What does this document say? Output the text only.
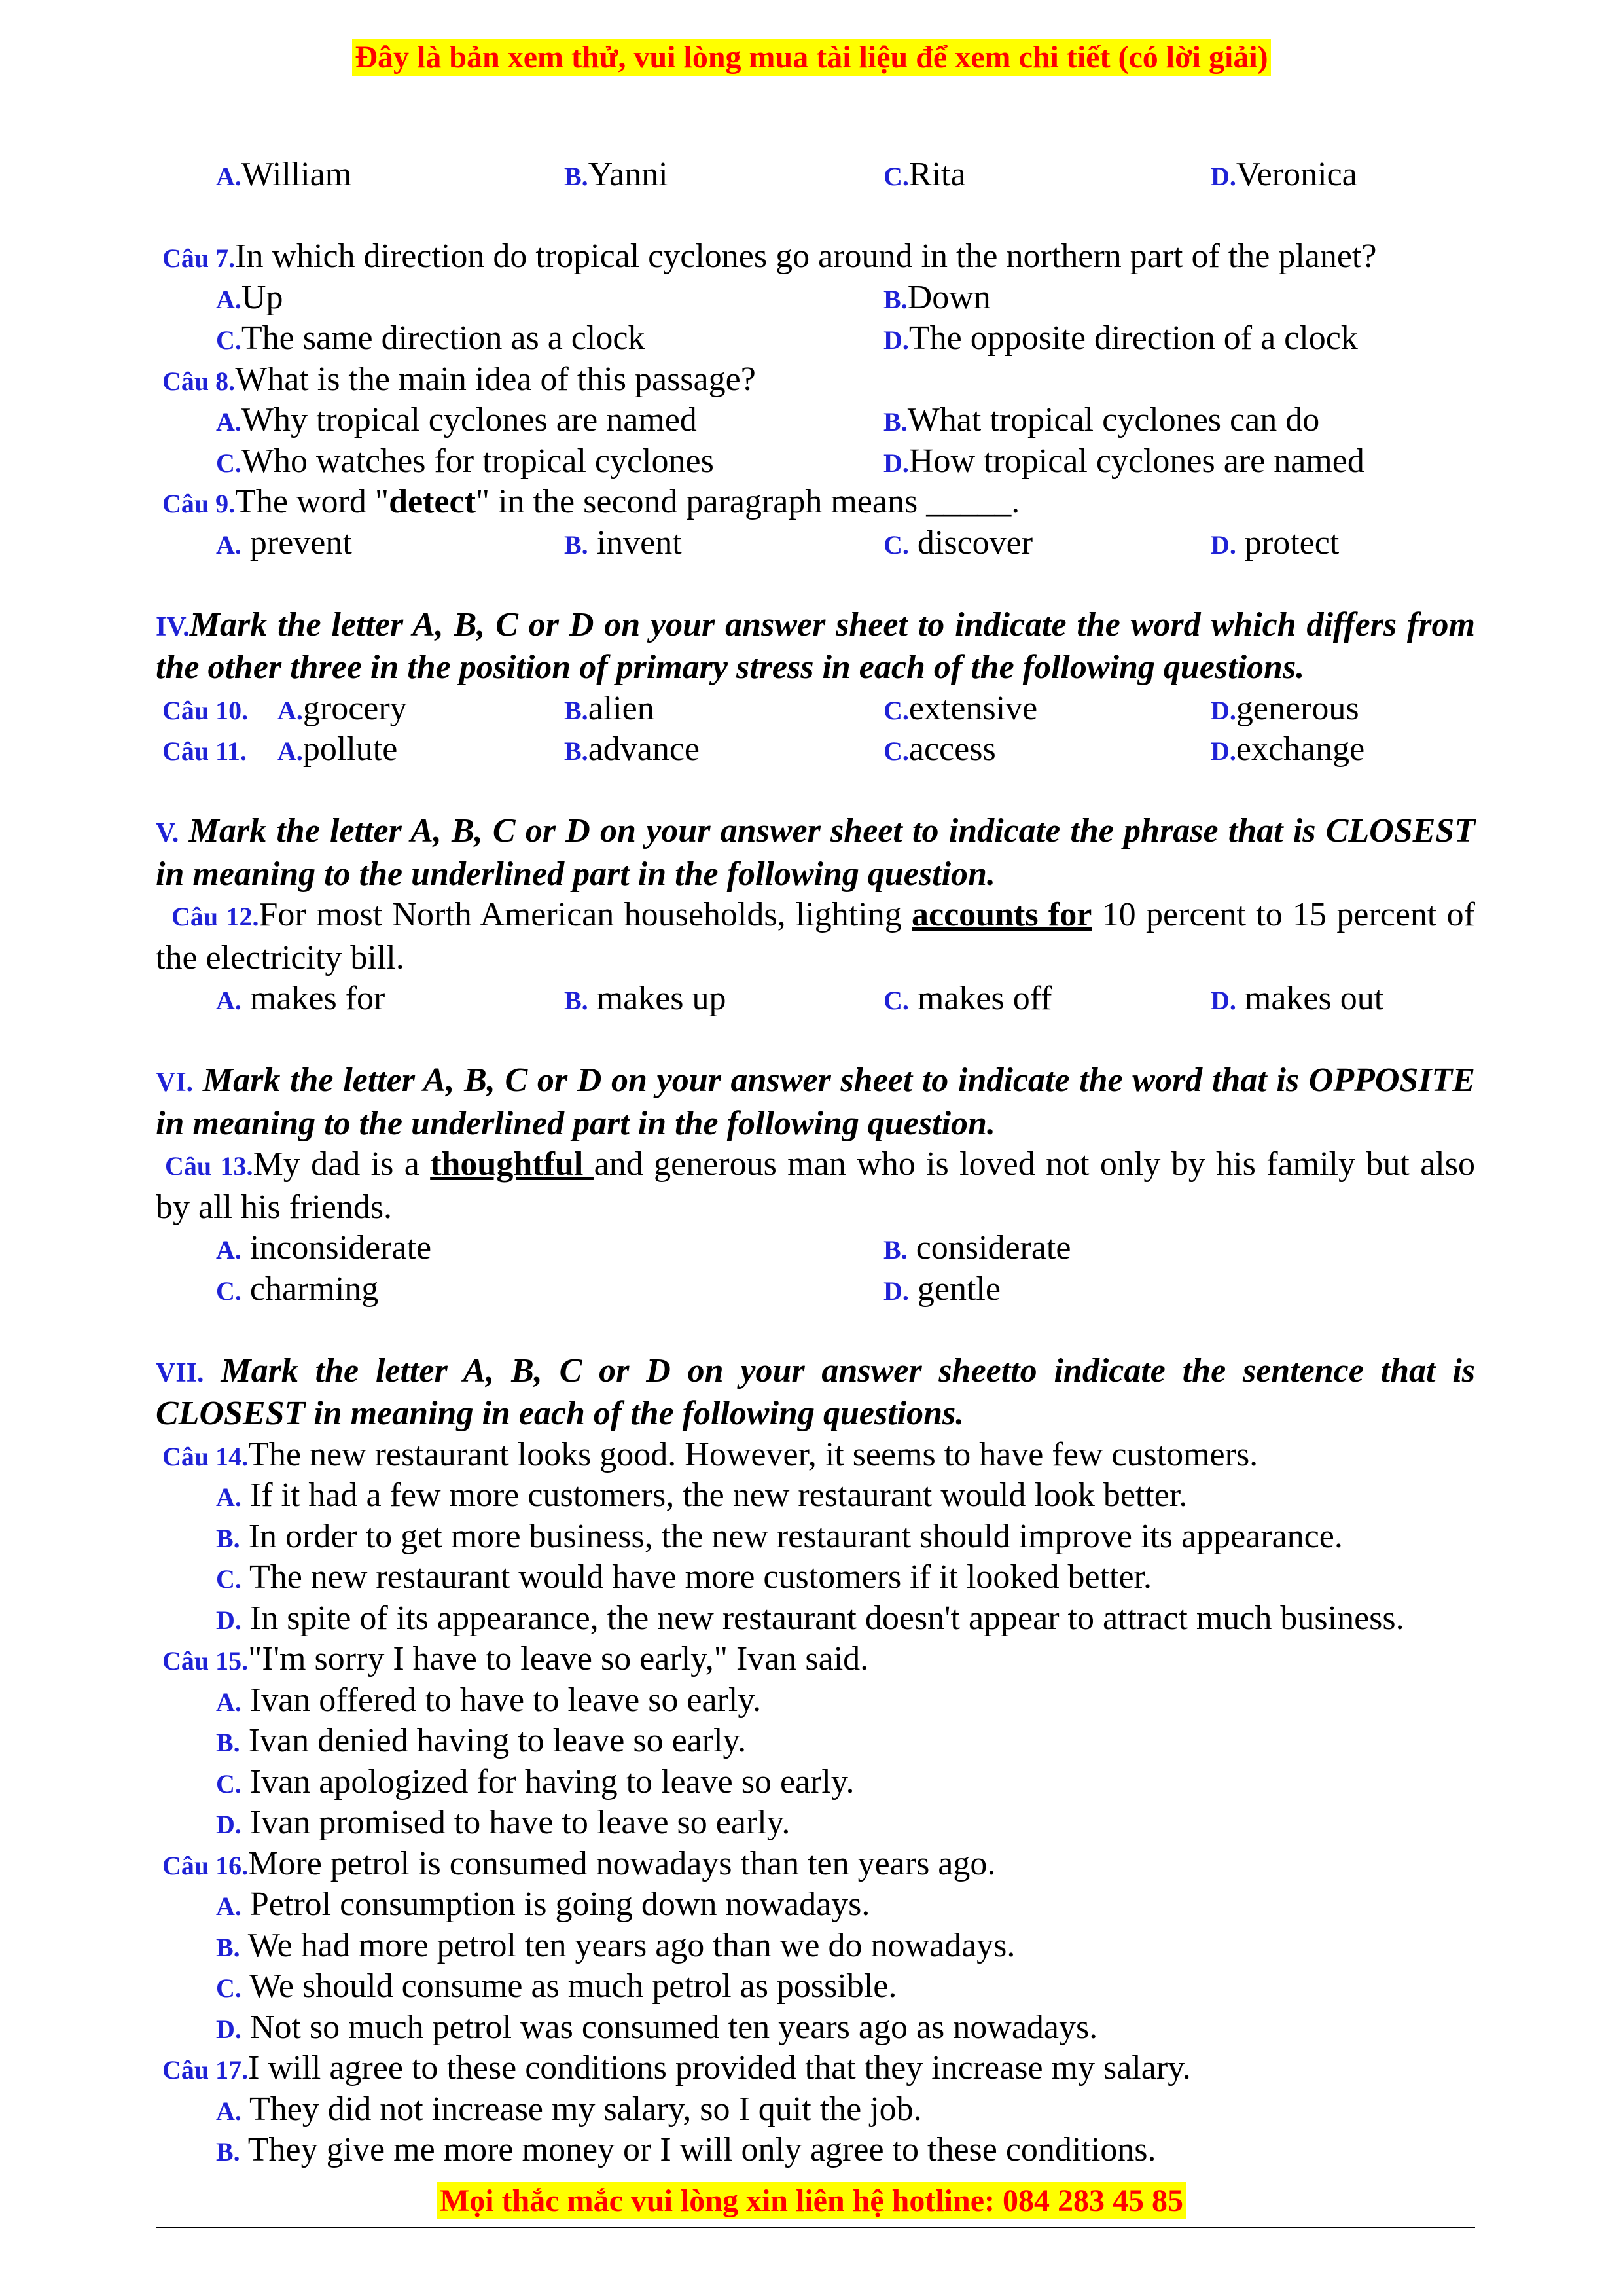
Đây là bản xem thử, vui lòng mua tài liệu để xem chi tiết (có lời giải)
A.William	B.Yanni	C.Rita	D.Veronica
Câu 7.In which direction do tropical cyclones go around in the northern part of the planet?
A.Up	B.Down
C.The same direction as a clock	D.The opposite direction of a clock
Câu 8.What is the main idea of this passage?
A.Why tropical cyclones are named	B.What tropical cyclones can do
C.Who watches for tropical cyclones	D.How tropical cyclones are named
Câu 9.The word "detect" in the second paragraph means _____.
A. prevent	B. invent	C. discover	D. protect
IV.Mark the letter A, B, C or D on your answer sheet to indicate the word which differs from the other three in the position of primary stress in each of the following questions.
Câu 10. A.grocery	B.alien	C.extensive	D.generous
Câu 11. A.pollute	B.advance	C.access	D.exchange
V. Mark the letter A, B, C or D on your answer sheet to indicate the phrase that is CLOSEST in meaning to the underlined part in the following question.
Câu 12.For most North American households, lighting accounts for 10 percent to 15 percent of the electricity bill.
A. makes for	B. makes up	C. makes off	D. makes out
VI. Mark the letter A, B, C or D on your answer sheet to indicate the word that is OPPOSITE in meaning to the underlined part in the following question.
Câu 13.My dad is a thoughtful and generous man who is loved not only by his family but also by all his friends.
A. inconsiderate	B. considerate
C. charming	D. gentle
VII. Mark the letter A, B, C or D on your answer sheetto indicate the sentence that is CLOSEST in meaning in each of the following questions.
Câu 14.The new restaurant looks good. However, it seems to have few customers.
A. If it had a few more customers, the new restaurant would look better.
B. In order to get more business, the new restaurant should improve its appearance.
C. The new restaurant would have more customers if it looked better.
D. In spite of its appearance, the new restaurant doesn't appear to attract much business.
Câu 15."I'm sorry I have to leave so early," Ivan said.
A. Ivan offered to have to leave so early.
B. Ivan denied having to leave so early.
C. Ivan apologized for having to leave so early.
D. Ivan promised to have to leave so early.
Câu 16.More petrol is consumed nowadays than ten years ago.
A. Petrol consumption is going down nowadays.
B. We had more petrol ten years ago than we do nowadays.
C. We should consume as much petrol as possible.
D. Not so much petrol was consumed ten years ago as nowadays.
Câu 17.I will agree to these conditions provided that they increase my salary.
A. They did not increase my salary, so I quit the job.
B. They give me more money or I will only agree to these conditions.
Mọi thắc mắc vui lòng xin liên hệ hotline: 084 283 45 85
